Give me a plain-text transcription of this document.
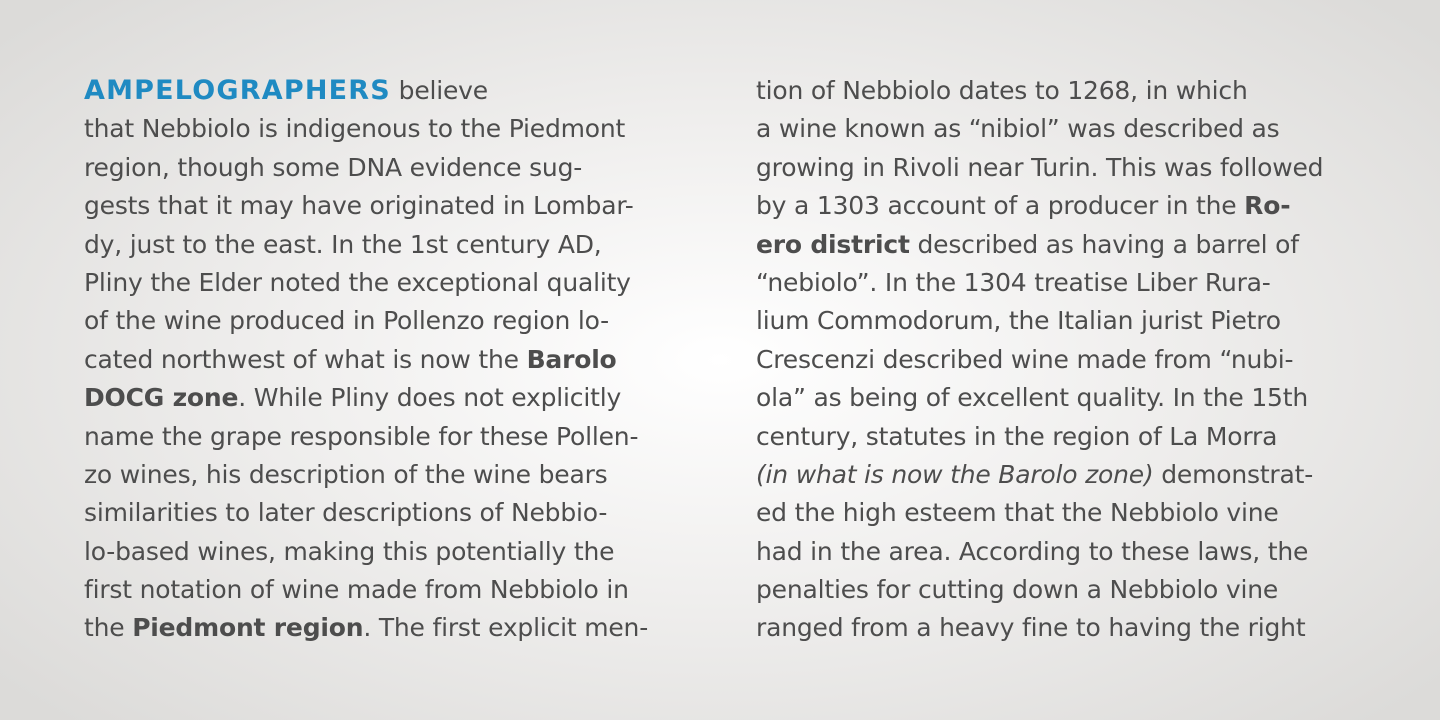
AMPELOGRAPHERS believe
that Nebbiolo is indigenous to the Piedmont
region, though some DNA evidence sug-
gests that it may have originated in Lombar-
dy, just to the east. In the 1st century AD,
Pliny the Elder noted the exceptional quality
of the wine produced in Pollenzo region lo-
cated northwest of what is now the Barolo
DOCG zone. While Pliny does not explicitly
name the grape responsible for these Pollen-
zo wines, his description of the wine bears
similarities to later descriptions of Nebbio-
lo-based wines, making this potentially the
first notation of wine made from Nebbiolo in
the Piedmont region. The first explicit men-
tion of Nebbiolo dates to 1268, in which
a wine known as “nibiol” was described as
growing in Rivoli near Turin. This was followed
by a 1303 account of a producer in the Ro-
ero district described as having a barrel of
“nebiolo”. In the 1304 treatise Liber Rura-
lium Commodorum, the Italian jurist Pietro
Crescenzi described wine made from “nubi-
ola” as being of excellent quality. In the 15th
century, statutes in the region of La Morra
(in what is now the Barolo zone) demonstrat-
ed the high esteem that the Nebbiolo vine
had in the area. According to these laws, the
penalties for cutting down a Nebbiolo vine
ranged from a heavy fine to having the right
